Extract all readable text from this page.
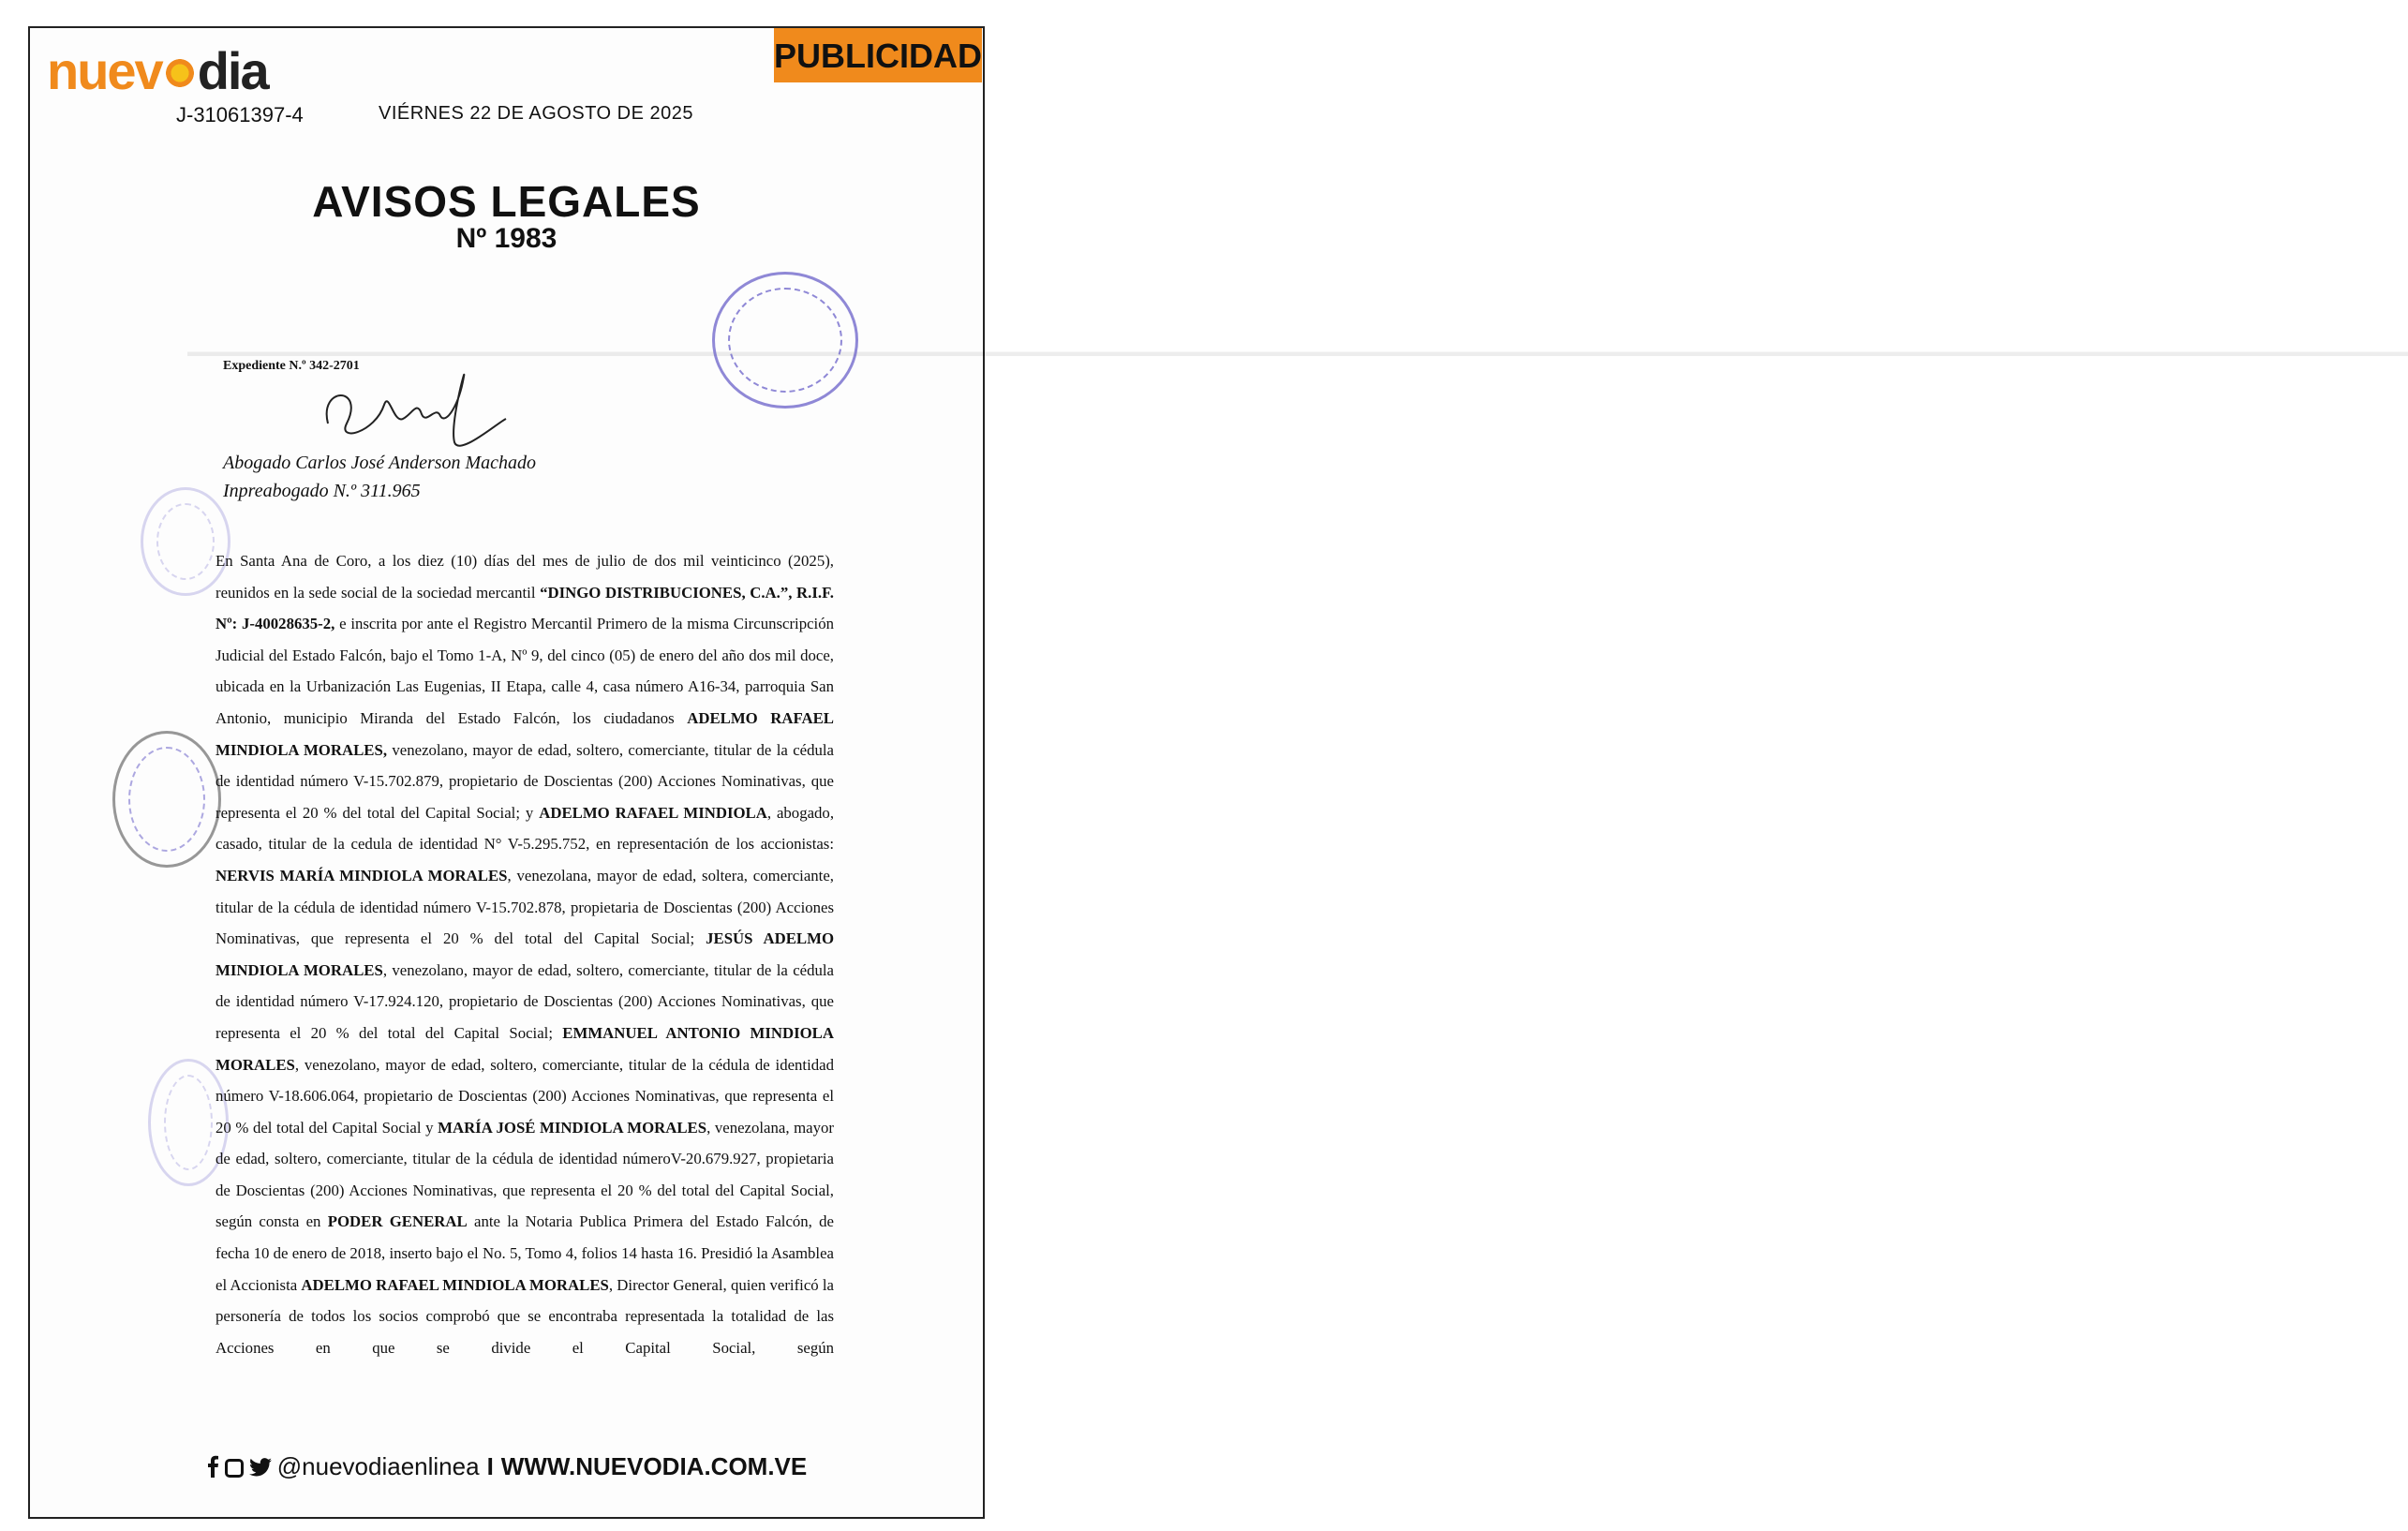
nuev dia
J-31061397-4	VIÉRNES 22 DE AGOSTO DE 2025
PUBLICIDAD
AVISOS LEGALES
Nº 1983
▬▬▬▬▬▬▬▬▬▬▬▬▬▬▬▬▬▬▬▬▬▬▬▬▬▬▬▬▬▬▬▬▬▬▬▬▬▬▬▬▬▬▬▬▬▬▬▬▬▬▬▬▬▬▬▬▬▬▬▬▬▬▬▬▬▬▬▬▬▬▬▬▬▬▬▬▬▬▬▬▬▬▬▬▬▬▬▬▬▬▬▬▬▬▬▬▬▬▬▬▬▬▬▬▬▬▬▬▬▬▬▬▬▬▬▬▬▬▬▬▬▬▬▬▬▬▬▬▬▬▬▬▬▬▬▬▬▬▬▬▬▬▬▬▬▬▬▬▬▬▬▬▬▬▬▬▬▬
Expediente N.º 342-2701
Abogado Carlos José Anderson Machado
Inpreabogado N.º 311.965

En Santa Ana de Coro, a los diez (10) días del mes de julio de dos mil veinticinco (2025), reunidos en la sede social de la sociedad mercantil “DINGO DISTRIBUCIONES, C.A.”, R.I.F. Nº: J-40028635-2, e inscrita por ante el Registro Mercantil Primero de la misma Circunscripción Judicial del Estado Falcón, bajo el Tomo 1-A, Nº 9, del cinco (05) de enero del año dos mil doce, ubicada en la Urbanización Las Eugenias, II Etapa, calle 4, casa número A16-34, parroquia San Antonio, municipio Miranda del Estado Falcón, los ciudadanos ADELMO RAFAEL MINDIOLA MORALES, venezolano, mayor de edad, soltero, comerciante, titular de la cédula de identidad número V-15.702.879, propietario de Doscientas (200) Acciones Nominativas, que representa el 20 % del total del Capital Social; y ADELMO RAFAEL MINDIOLA, abogado, casado, titular de la cedula de identidad N° V-5.295.752, en representación de los accionistas: NERVIS MARÍA MINDIOLA MORALES, venezolana, mayor de edad, soltera, comerciante, titular de la cédula de identidad número V-15.702.878, propietaria de Doscientas (200) Acciones Nominativas, que representa el 20 % del total del Capital Social; JESÚS ADELMO MINDIOLA MORALES, venezolano, mayor de edad, soltero, comerciante, titular de la cédula de identidad número V-17.924.120, propietario de Doscientas (200) Acciones Nominativas, que representa el 20 % del total del Capital Social; EMMANUEL ANTONIO MINDIOLA MORALES, venezolano, mayor de edad, soltero, comerciante, titular de la cédula de identidad número V-18.606.064, propietario de Doscientas (200) Acciones Nominativas, que representa el 20 % del total del Capital Social y MARÍA JOSÉ MINDIOLA MORALES, venezolana, mayor de edad, soltero, comerciante, titular de la cédula de identidad númeroV-20.679.927, propietaria de Doscientas (200) Acciones Nominativas, que representa el 20 % del total del Capital Social, según consta en PODER GENERAL ante la Notaria Publica Primera del Estado Falcón, de fecha 10 de enero de 2018, inserto bajo el No. 5, Tomo 4, folios 14 hasta 16. Presidió la Asamblea el Accionista ADELMO RAFAEL MINDIOLA MORALES, Director General, quien verificó la personería de todos los socios comprobó que se encontraba representada la totalidad de las Acciones en que se divide el Capital Social, según

@nuevodiaenlinea I WWW.NUEVODIA.COM.VE
